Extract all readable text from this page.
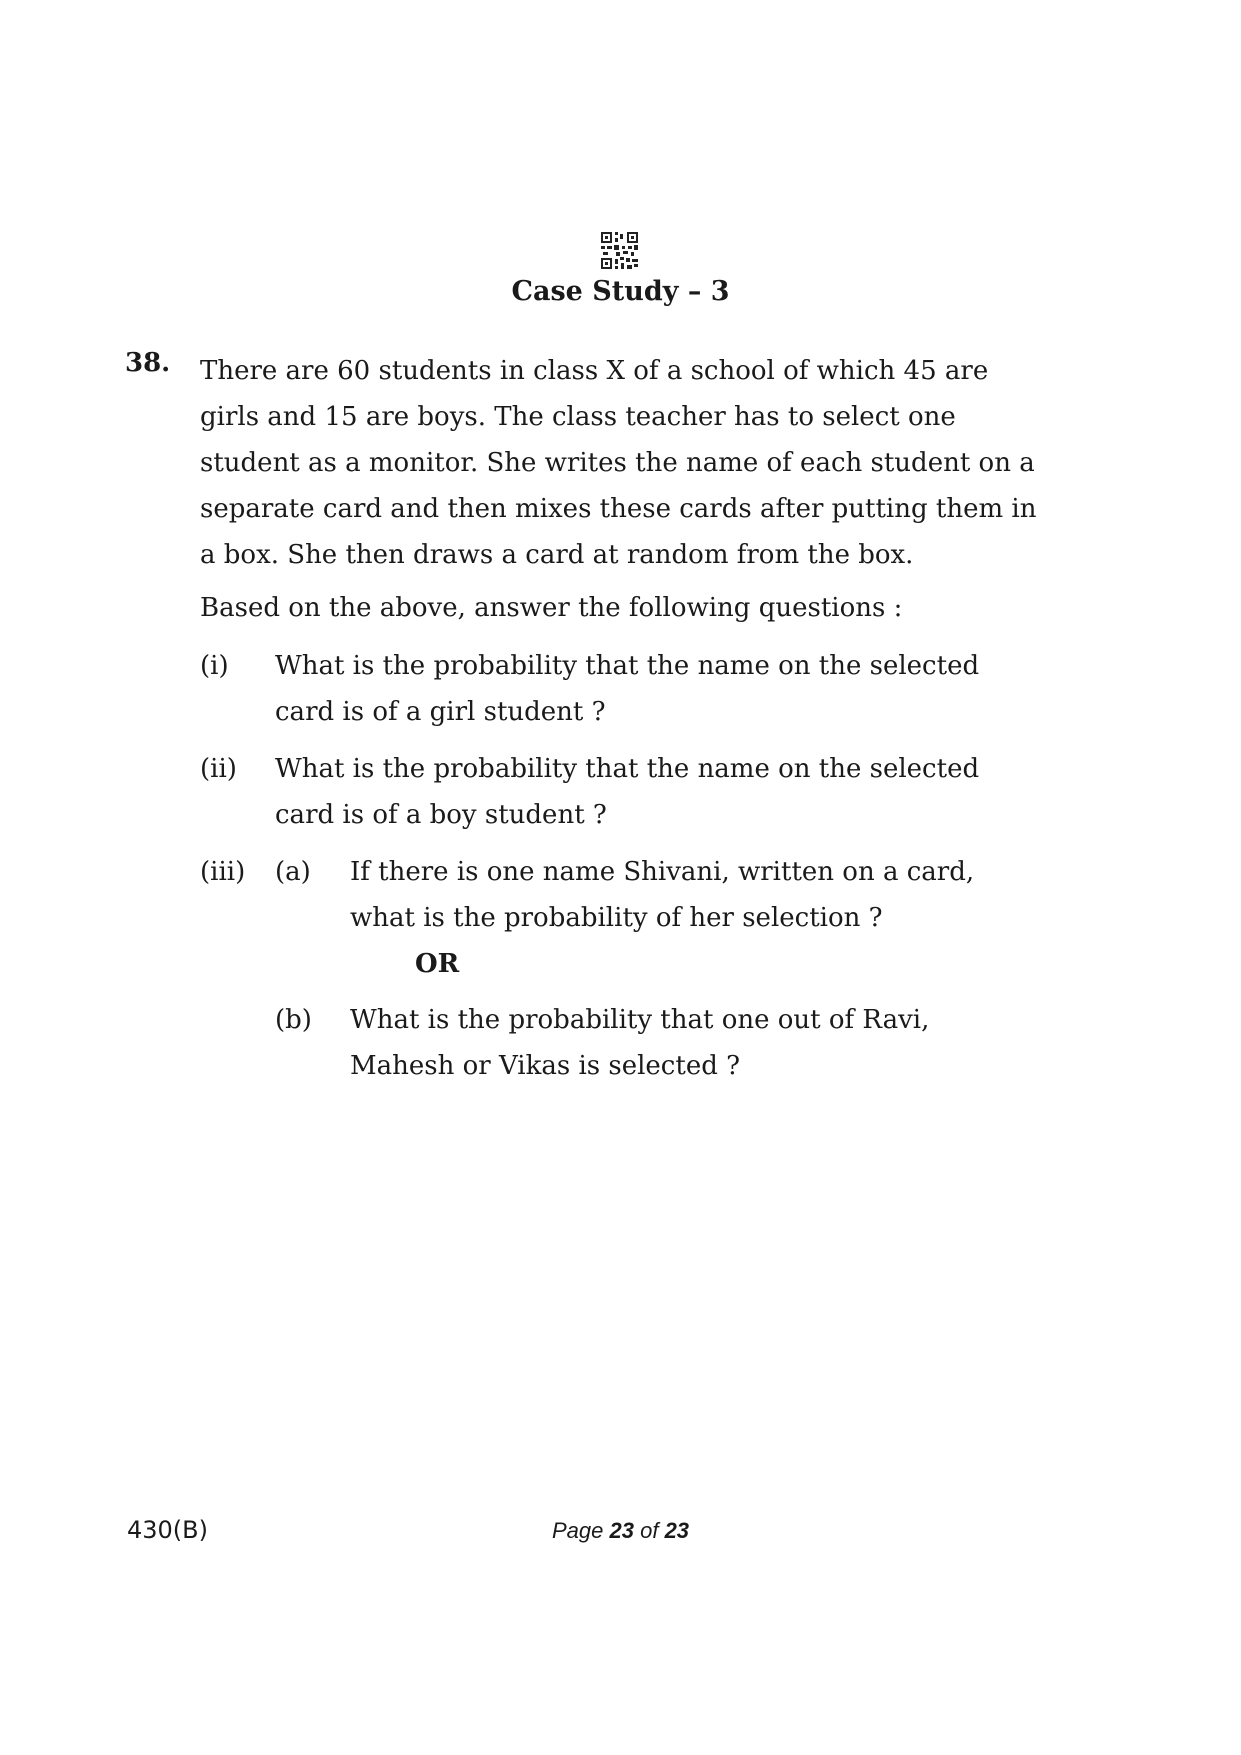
Case Study – 3
38. There are 60 students in class X of a school of which 45 are
girls and 15 are boys. The class teacher has to select one
student as a monitor. She writes the name of each student on a
separate card and then mixes these cards after putting them in
a box. She then draws a card at random from the box.
Based on the above, answer the following questions :
(i) What is the probability that the name on the selected
card is of a girl student ?
(ii) What is the probability that the name on the selected
card is of a boy student ?
(iii) (a) If there is one name Shivani, written on a card,
what is the probability of her selection ?
OR
(b) What is the probability that one out of Ravi,
Mahesh or Vikas is selected ?
430(B)	Page 23 of 23
